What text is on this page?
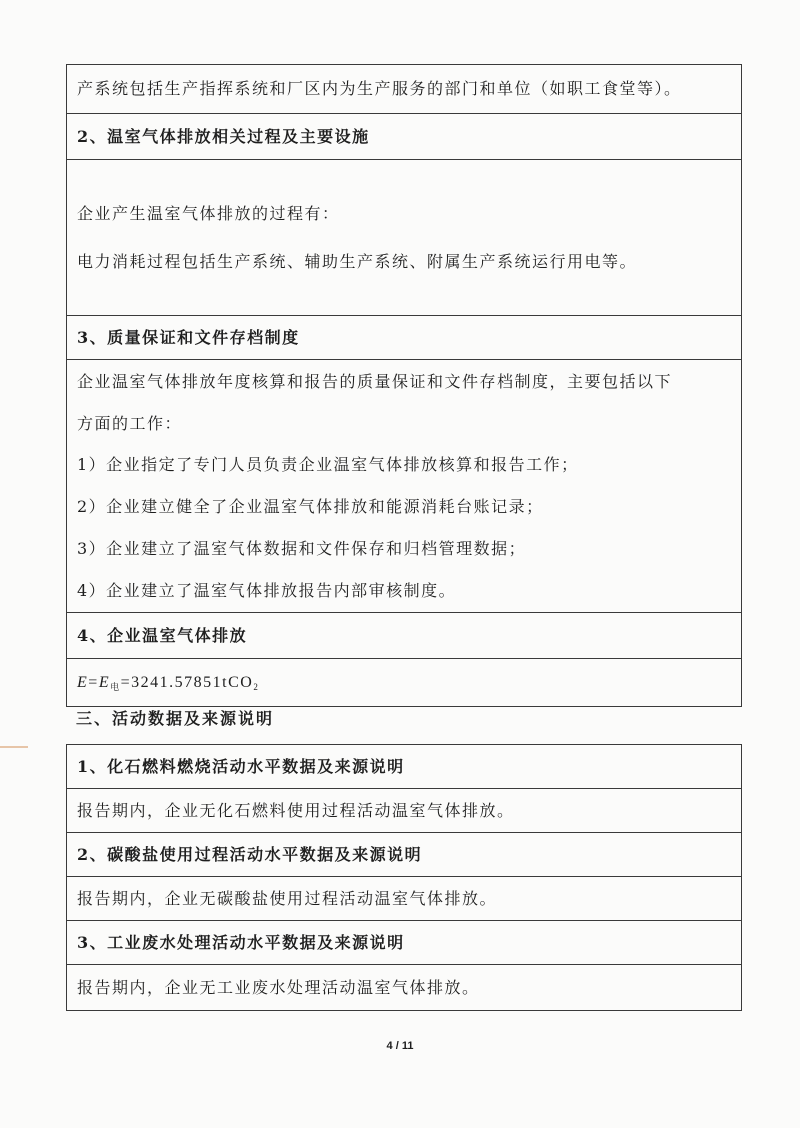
产系统包括生产指挥系统和厂区内为生产服务的部门和单位（如职工食堂等）。
2、温室气体排放相关过程及主要设施

企业产生温室气体排放的过程有：
电力消耗过程包括生产系统、辅助生产系统、附属生产系统运行用电等。

3、质量保证和文件存档制度

企业温室气体排放年度核算和报告的质量保证和文件存档制度，主要包括以下
方面的工作：
1）企业指定了专门人员负责企业温室气体排放核算和报告工作；
2）企业建立健全了企业温室气体排放和能源消耗台账记录；
3）企业建立了温室气体数据和文件保存和归档管理数据；
4）企业建立了温室气体排放报告内部审核制度。

4、企业温室气体排放
$E=E_电=3241.57851tCO_2$
三、活动数据及来源说明
1、化石燃料燃烧活动水平数据及来源说明
报告期内，企业无化石燃料使用过程活动温室气体排放。
2、碳酸盐使用过程活动水平数据及来源说明
报告期内，企业无碳酸盐使用过程活动温室气体排放。
3、工业废水处理活动水平数据及来源说明
报告期内，企业无工业废水处理活动温室气体排放。
4 / 11
